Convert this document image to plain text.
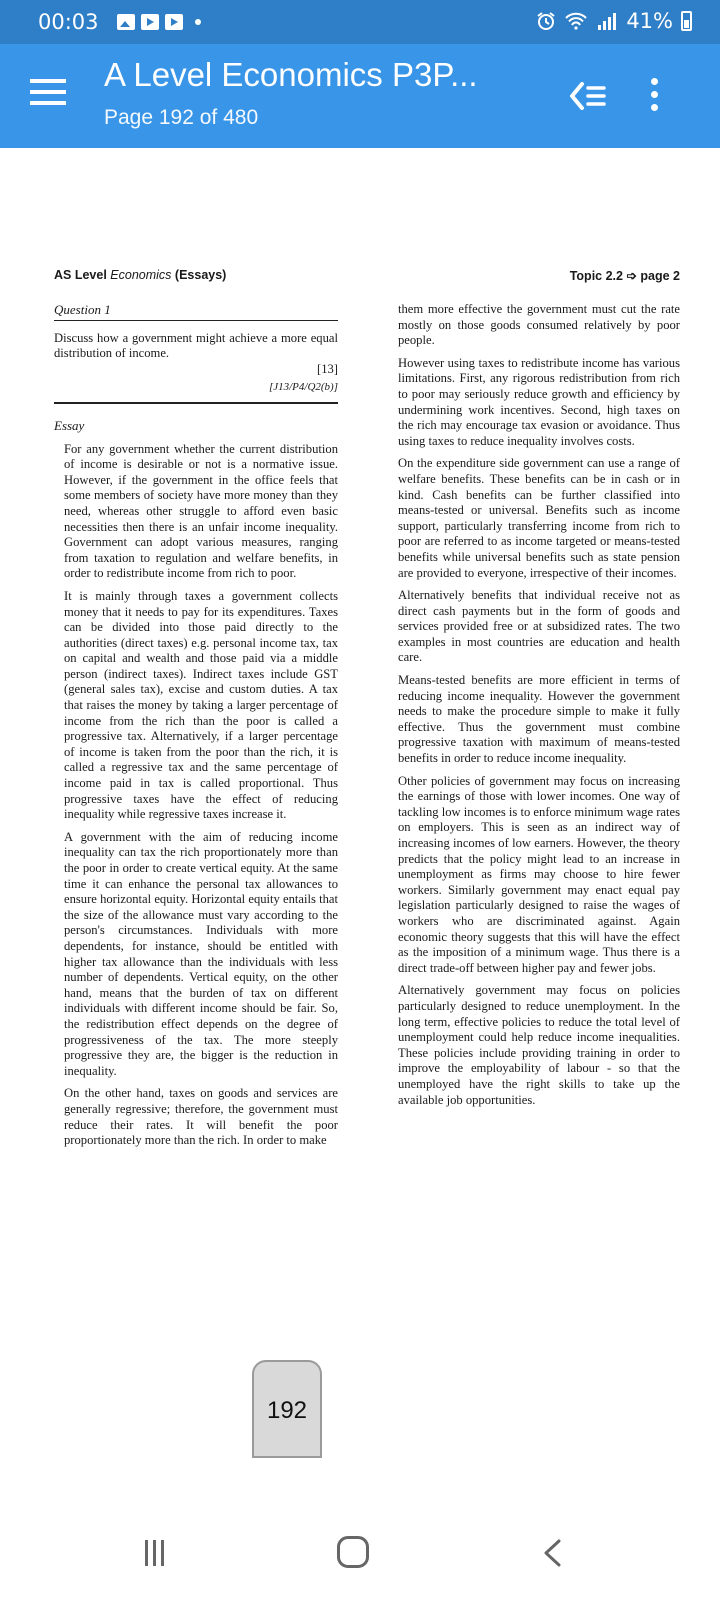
00:03	41%
A Level Economics P3P...
Page 192 of 480
AS Level Economics (Essays)	Topic 2.2 ➩ page 2
Question 1

Discuss how a government might achieve a more equal distribution of income.

[13]
[J13/P4/Q2(b)]
Essay

For any government whether the current distribution of income is desirable or not is a normative issue. However, if the government in the office feels that some members of society have more money than they need, whereas other struggle to afford even basic necessities then there is an unfair income inequality. Government can adopt various measures, ranging from taxation to regulation and welfare benefits, in order to redistribute income from rich to poor.

It is mainly through taxes a government collects money that it needs to pay for its expenditures. Taxes can be divided into those paid directly to the authorities (direct taxes) e.g. personal income tax, tax on capital and wealth and those paid via a middle person (indirect taxes). Indirect taxes include GST (general sales tax), excise and custom duties. A tax that raises the money by taking a larger percentage of income from the rich than the poor is called a progressive tax. Alternatively, if a larger percentage of income is taken from the poor than the rich, it is called a regressive tax and the same percentage of income paid in tax is called proportional. Thus progressive taxes have the effect of reducing inequality while regressive taxes increase it.

A government with the aim of reducing income inequality can tax the rich proportionately more than the poor in order to create vertical equity. At the same time it can enhance the personal tax allowances to ensure horizontal equity. Horizontal equity entails that the size of the allowance must vary according to the person's circumstances. Individuals with more dependents, for instance, should be entitled with higher tax allowance than the individuals with less number of dependents. Vertical equity, on the other hand, means that the burden of tax on different individuals with different income should be fair. So, the redistribution effect depends on the degree of progressiveness of the tax. The more steeply progressive they are, the bigger is the reduction in inequality.

On the other hand, taxes on goods and services are generally regressive; therefore, the government must reduce their rates. It will benefit the poor proportionately more than the rich. In order to make

them more effective the government must cut the rate mostly on those goods consumed relatively by poor people.

However using taxes to redistribute income has various limitations. First, any rigorous redistribution from rich to poor may seriously reduce growth and efficiency by undermining work incentives. Second, high taxes on the rich may encourage tax evasion or avoidance. Thus using taxes to reduce inequality involves costs.

On the expenditure side government can use a range of welfare benefits. These benefits can be in cash or in kind. Cash benefits can be further classified into means-tested or universal. Benefits such as income support, particularly transferring income from rich to poor are referred to as income targeted or means-tested benefits while universal benefits such as state pension are provided to everyone, irrespective of their incomes.

Alternatively benefits that individual receive not as direct cash payments but in the form of goods and services provided free or at subsidized rates. The two examples in most countries are education and health care.

Means-tested benefits are more efficient in terms of reducing income inequality. However the government needs to make the procedure simple to make it fully effective. Thus the government must combine progressive taxation with maximum of means-tested benefits in order to reduce income inequality.

Other policies of government may focus on increasing the earnings of those with lower incomes. One way of tackling low incomes is to enforce minimum wage rates on employers. This is seen as an indirect way of increasing incomes of low earners. However, the theory predicts that the policy might lead to an increase in unemployment as firms may choose to hire fewer workers. Similarly government may enact equal pay legislation particularly designed to raise the wages of workers who are discriminated against. Again economic theory suggests that this will have the effect as the imposition of a minimum wage. Thus there is a direct trade-off between higher pay and fewer jobs.

Alternatively government may focus on policies particularly designed to reduce unemployment. In the long term, effective policies to reduce the total level of unemployment could help reduce income inequalities. These policies include providing training in order to improve the employability of labour - so that the unemployed have the right skills to take up the available job opportunities.

192
